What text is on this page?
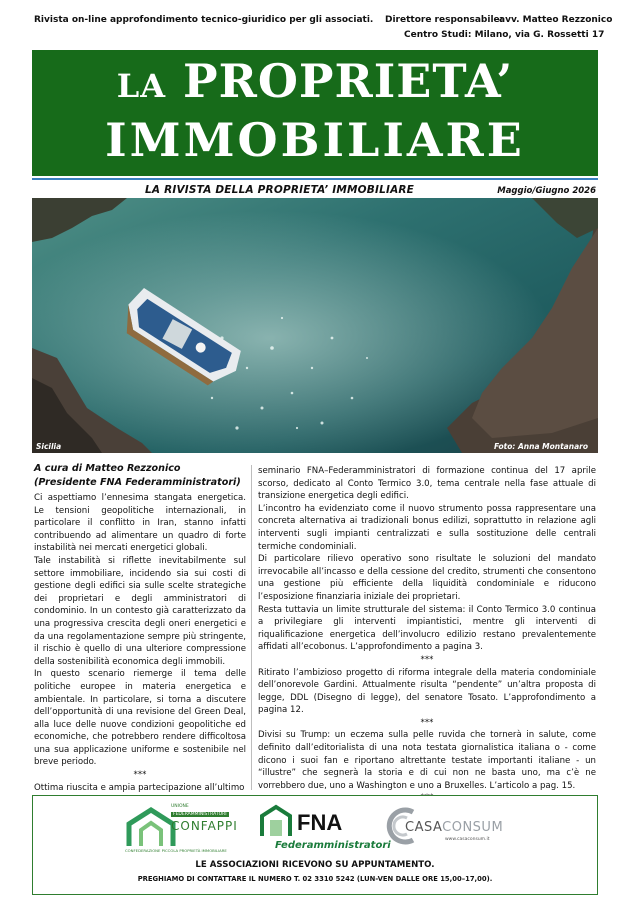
Rivista on-line approfondimento tecnico-giuridico per gli associati. Direttore responsabile:
avv. Matteo Rezzonico
Centro Studi: Milano, via G. Rossetti 17
LA PROPRIETA’
IMMOBILIARE
LA RIVISTA DELLA PROPRIETA’ IMMOBILIARE	Maggio/Giugno 2026
Sicilia	Foto: Anna Montanaro
A cura di Matteo Rezzonico
(Presidente FNA Federamministratori)

Ci aspettiamo l’ennesima stangata energetica. Le tensioni geopolitiche internazionali, in particolare il conflitto in Iran, stanno infatti contribuendo ad alimentare un quadro di forte instabilità nei mercati energetici globali.

Tale instabilità si riflette inevitabilmente sul settore immobiliare, incidendo sia sui costi di gestione degli edifici sia sulle scelte strategiche dei proprietari e degli amministratori di condominio. In un contesto già caratterizzato da una progressiva crescita degli oneri energetici e da una regolamentazione sempre più stringente, il rischio è quello di una ulteriore compressione della sostenibilità economica degli immobili.

In questo scenario riemerge il tema delle politiche europee in materia energetica e ambientale. In particolare, si torna a discutere dell’opportunità di una revisione del Green Deal, alla luce delle nuove condizioni geopolitiche ed economiche, che potrebbero rendere difficoltosa una sua applicazione uniforme e sostenibile nel breve periodo.

***

Ottima riuscita e ampia partecipazione all’ultimo

seminario FNA–Federamministratori di formazione continua del 17 aprile scorso, dedicato al Conto Termico 3.0, tema centrale nella fase attuale di transizione energetica degli edifici.

L’incontro ha evidenziato come il nuovo strumento possa rappresentare una concreta alternativa ai tradizionali bonus edilizi, soprattutto in relazione agli interventi sugli impianti centralizzati e sulla sostituzione delle centrali termiche condominiali.

Di particolare rilievo operativo sono risultate le soluzioni del mandato irrevocabile all’incasso e della cessione del credito, strumenti che consentono una gestione più efficiente della liquidità condominiale e riducono l’esposizione finanziaria iniziale dei proprietari.

Resta tuttavia un limite strutturale del sistema: il Conto Termico 3.0 continua a privilegiare gli interventi impiantistici, mentre gli interventi di riqualificazione energetica dell’involucro edilizio restano prevalentemente affidati all’ecobonus. L’approfondimento a pagina 3.

***

Ritirato l’ambizioso progetto di riforma integrale della materia condominiale dell’onorevole Gardini. Attualmente risulta “pendente” un’altra proposta di legge, DDL (Disegno di legge), del senatore Tosato. L’approfondimento a pagina 12.

***

Divisi su Trump: un eczema sulla pelle ruvida che tornerà in salute, come definito dall’editorialista di una nota testata giornalistica italiana o - come dicono i suoi fan e riportano altrettante testate importanti italiane - un “illustre” che segnerà la storia e di cui non ne basta uno, ma c’è ne vorrebbero due, uno a Washington e uno a Bruxelles. L’articolo a pag. 15.

UNIONE
FEDERAMMINISTRATORI
CONFAPPI
CONFEDERAZIONE PICCOLA PROPRIETÀ IMMOBILIARE
FNA
Federamministratori
CASACONSUM
www.casaconsum.it
LE ASSOCIAZIONI RICEVONO SU APPUNTAMENTO.
PREGHIAMO DI CONTATTARE IL NUMERO T. 02 3310 5242 (LUN-VEN DALLE ORE 15,00–17,00).
